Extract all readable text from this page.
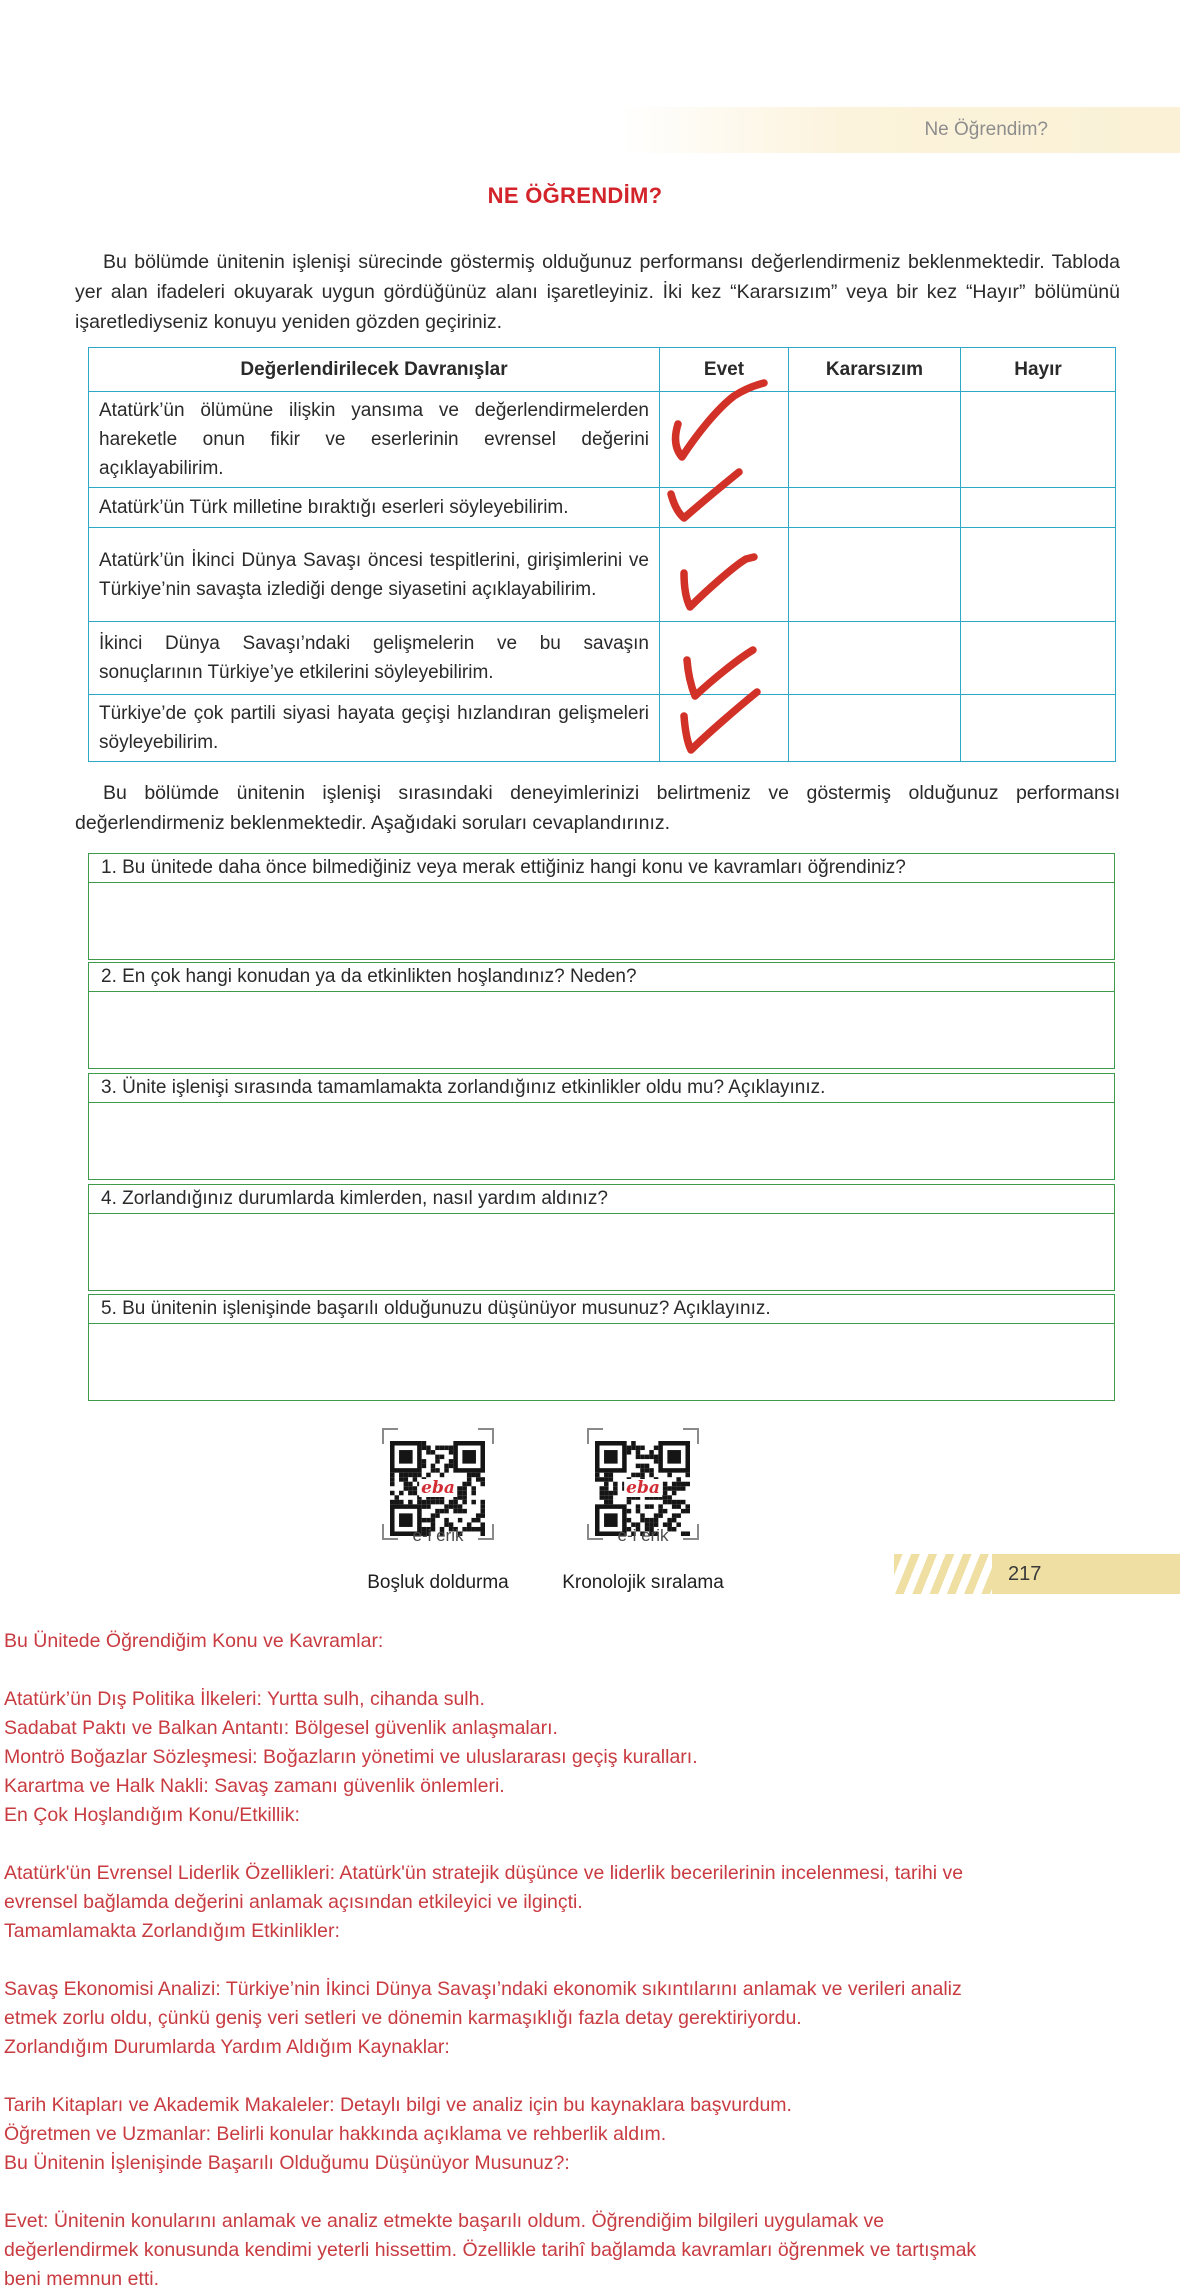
Ne Öğrendim?
NE ÖĞRENDİM?

Bu bölümde ünitenin işlenişi sürecinde göstermiş olduğunuz performansı değerlendirmeniz beklenmektedir. Tabloda yer alan ifadeleri okuyarak uygun gördüğünüz alanı işaretleyiniz. İki kez “Kararsızım” veya bir kez “Hayır” bölümünü işaretlediyseniz konuyu yeniden gözden geçiriniz.

Değerlendirilecek Davranışlar	Evet	Kararsızım	Hayır
Atatürk’ün ölümüne ilişkin yansıma ve değerlendirmelerden hareketle onun fikir ve eserlerinin evrensel değerini açıklayabilirim.			
Atatürk’ün Türk milletine bıraktığı eserleri söyleyebilirim.			
Atatürk’ün İkinci Dünya Savaşı öncesi tespitlerini, girişimlerini ve Türkiye’nin savaşta izlediği denge siyasetini açıklayabilirim.			
İkinci Dünya Savaşı’ndaki gelişmelerin ve bu savaşın sonuçlarının Türkiye’ye etkilerini söyleyebilirim.			
Türkiye’de çok partili siyasi hayata geçişi hızlandıran gelişmeleri söyleyebilirim.			

Bu bölümde ünitenin işlenişi sırasındaki deneyimlerinizi belirtmeniz ve göstermiş olduğunuz performansı değerlendirmeniz beklenmektedir. Aşağıdaki soruları cevaplandırınız.

1. Bu ünitede daha önce bilmediğiniz veya merak ettiğiniz hangi konu ve kavramları öğrendiniz?
2. En çok hangi konudan ya da etkinlikten hoşlandınız? Neden?
3. Ünite işlenişi sırasında tamamlamakta zorlandığınız etkinlikler oldu mu? Açıklayınız.
4. Zorlandığınız durumlarda kimlerden, nasıl yardım aldınız?
5. Bu ünitenin işlenişinde başarılı olduğunuzu düşünüyor musunuz? Açıklayınız.
eba
e-i erik
Boşluk doldurma
eba
e-i erik
Kronolojik sıralama	217
Bu Ünitede Öğrendiğim Konu ve Kavramlar:
Atatürk’ün Dış Politika İlkeleri: Yurtta sulh, cihanda sulh.
Sadabat Paktı ve Balkan Antantı: Bölgesel güvenlik anlaşmaları.
Montrö Boğazlar Sözleşmesi: Boğazların yönetimi ve uluslararası geçiş kuralları.
Karartma ve Halk Nakli: Savaş zamanı güvenlik önlemleri.
En Çok Hoşlandığım Konu/Etkillik:
Atatürk'ün Evrensel Liderlik Özellikleri: Atatürk'ün stratejik düşünce ve liderlik becerilerinin incelenmesi, tarihi ve
evrensel bağlamda değerini anlamak açısından etkileyici ve ilginçti.
Tamamlamakta Zorlandığım Etkinlikler:
Savaş Ekonomisi Analizi: Türkiye’nin İkinci Dünya Savaşı’ndaki ekonomik sıkıntılarını anlamak ve verileri analiz
etmek zorlu oldu, çünkü geniş veri setleri ve dönemin karmaşıklığı fazla detay gerektiriyordu.
Zorlandığım Durumlarda Yardım Aldığım Kaynaklar:
Tarih Kitapları ve Akademik Makaleler: Detaylı bilgi ve analiz için bu kaynaklara başvurdum.
Öğretmen ve Uzmanlar: Belirli konular hakkında açıklama ve rehberlik aldım.
Bu Ünitenin İşlenişinde Başarılı Olduğumu Düşünüyor Musunuz?:
Evet: Ünitenin konularını anlamak ve analiz etmekte başarılı oldum. Öğrendiğim bilgileri uygulamak ve
değerlendirmek konusunda kendimi yeterli hissettim. Özellikle tarihî bağlamda kavramları öğrenmek ve tartışmak
beni memnun etti.
